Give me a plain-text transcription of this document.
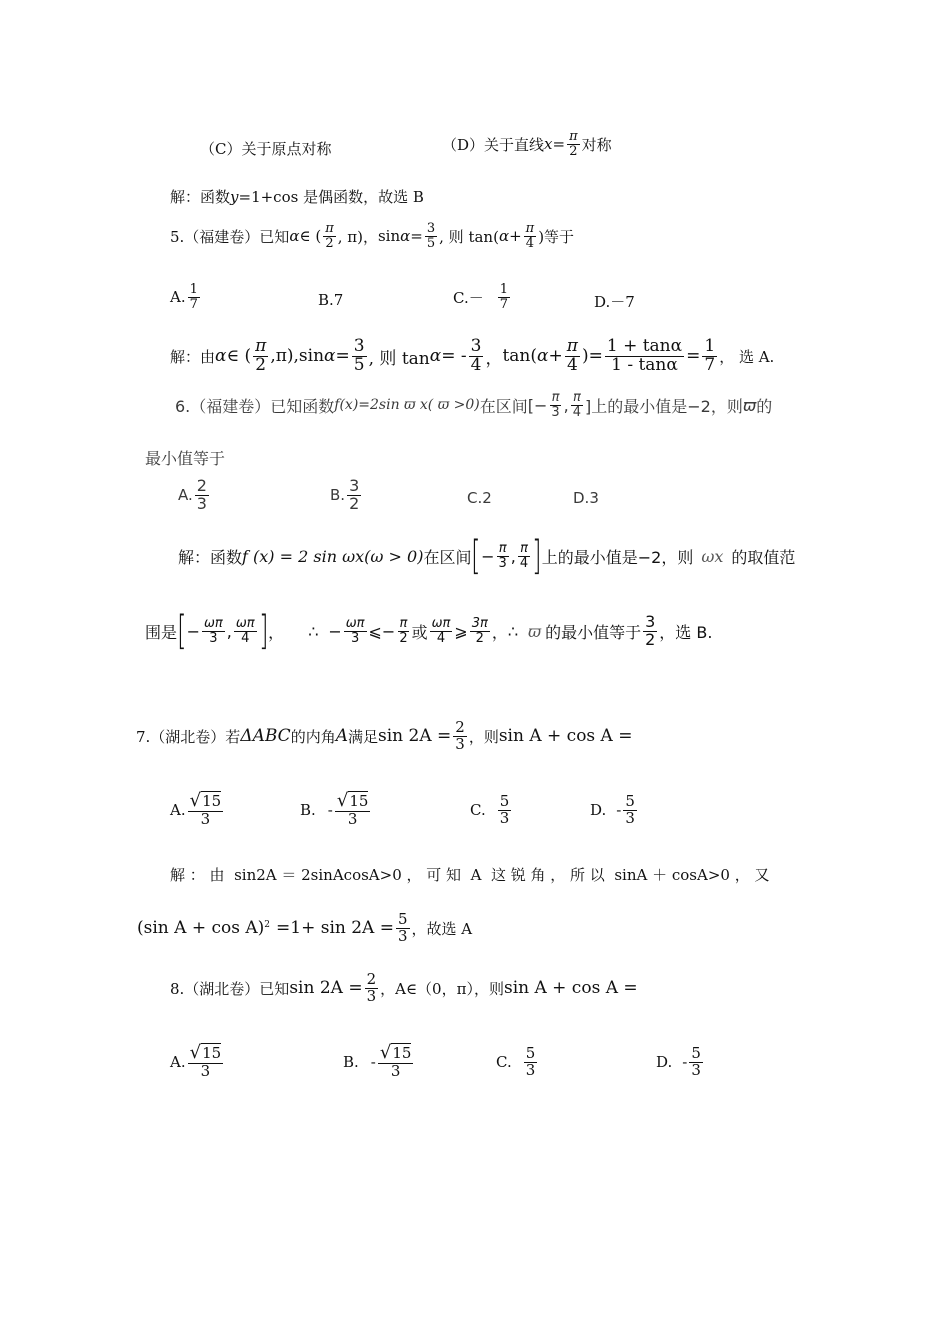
（C）关于原点对称	（D）关于直线 $x = \frac{\pi}{2}$ 对称
解：函数 y =1+cos 是偶函数，故选 B
5.（福建卷）已知 α ∈ ( $\frac{\pi}{2}$ , π)， $\sin \alpha = \frac{3}{5}$ , 则 tan( $\alpha + \frac{\pi}{4}$ )等于
A. $\frac{1}{7}$	B.7	$C.- \frac{1}{7}$	D.－7
解：由 α ∈ ( $\frac{\pi}{2} ,\pi),\sin$ $\alpha = \frac{3}{5}$ , 则 tan α = - $\frac{3}{4}$ ， tan( $\alpha + \frac{\pi}{4}$ )= $\frac{1 + \tan\alpha}{1 - \tan\alpha} = \frac{1}{7}$ ， 选 A.
6.（福建卷）已知函数 f(x)=2sin ϖ x( ϖ >0) 在区间 [− $\frac{\pi}{3}$ , $\frac{\pi}{4}$ ]上的最小值是−2，则 ϖ 的
最小值等于
A. $\frac{2}{3}$	B. $\frac{3}{2}$	C.2	D.3
解：函数 f (x) = 2 sin ωx(ω > 0) 在区间 [ − $\frac{\pi}{3}$ , $\frac{\pi}{4}$ ] 上的最小值是−2，则 ωx 的取值范
围是 [ − $\frac{\omega\pi}{3}$ , $\frac{\omega\pi}{4}$ ] ， ∴ − $\frac{\omega\pi}{3}$ ⩽ − $\frac{\pi}{2}$ 或 $\frac{\omega\pi}{4}$ ⩾ $\frac{3\pi}{2}$ ， ∴ ϖ 的最小值等于 $\frac{3}{2}$ ，选 B.
7.（湖北卷）若 ΔABC 的内角 A 满足 $\sin 2A = \frac{2}{3}$ ，则 sin A + cos A =
A. $\frac{√15}{3}$	B. - $\frac{√15}{3}$	C. $\frac{5}{3}$	D. - $\frac{5}{3}$
解 ： 由  sin2A ＝ 2sinAcosA>0 ， 可 知  A  这 锐 角 ， 所 以  sinA ＋ cosA>0 ， 又
(sin A + cos A) $2 =1+ \sin 2A = \frac{5}{3}$ ，故选 A
8.（湖北卷）已知 $\sin 2A = \frac{2}{3}$ ，A∈（0，π），则 sin A + cos A =
A. $\frac{√15}{3}$	B. - $\frac{√15}{3}$	C. $\frac{5}{3}$	D. - $\frac{5}{3}$
